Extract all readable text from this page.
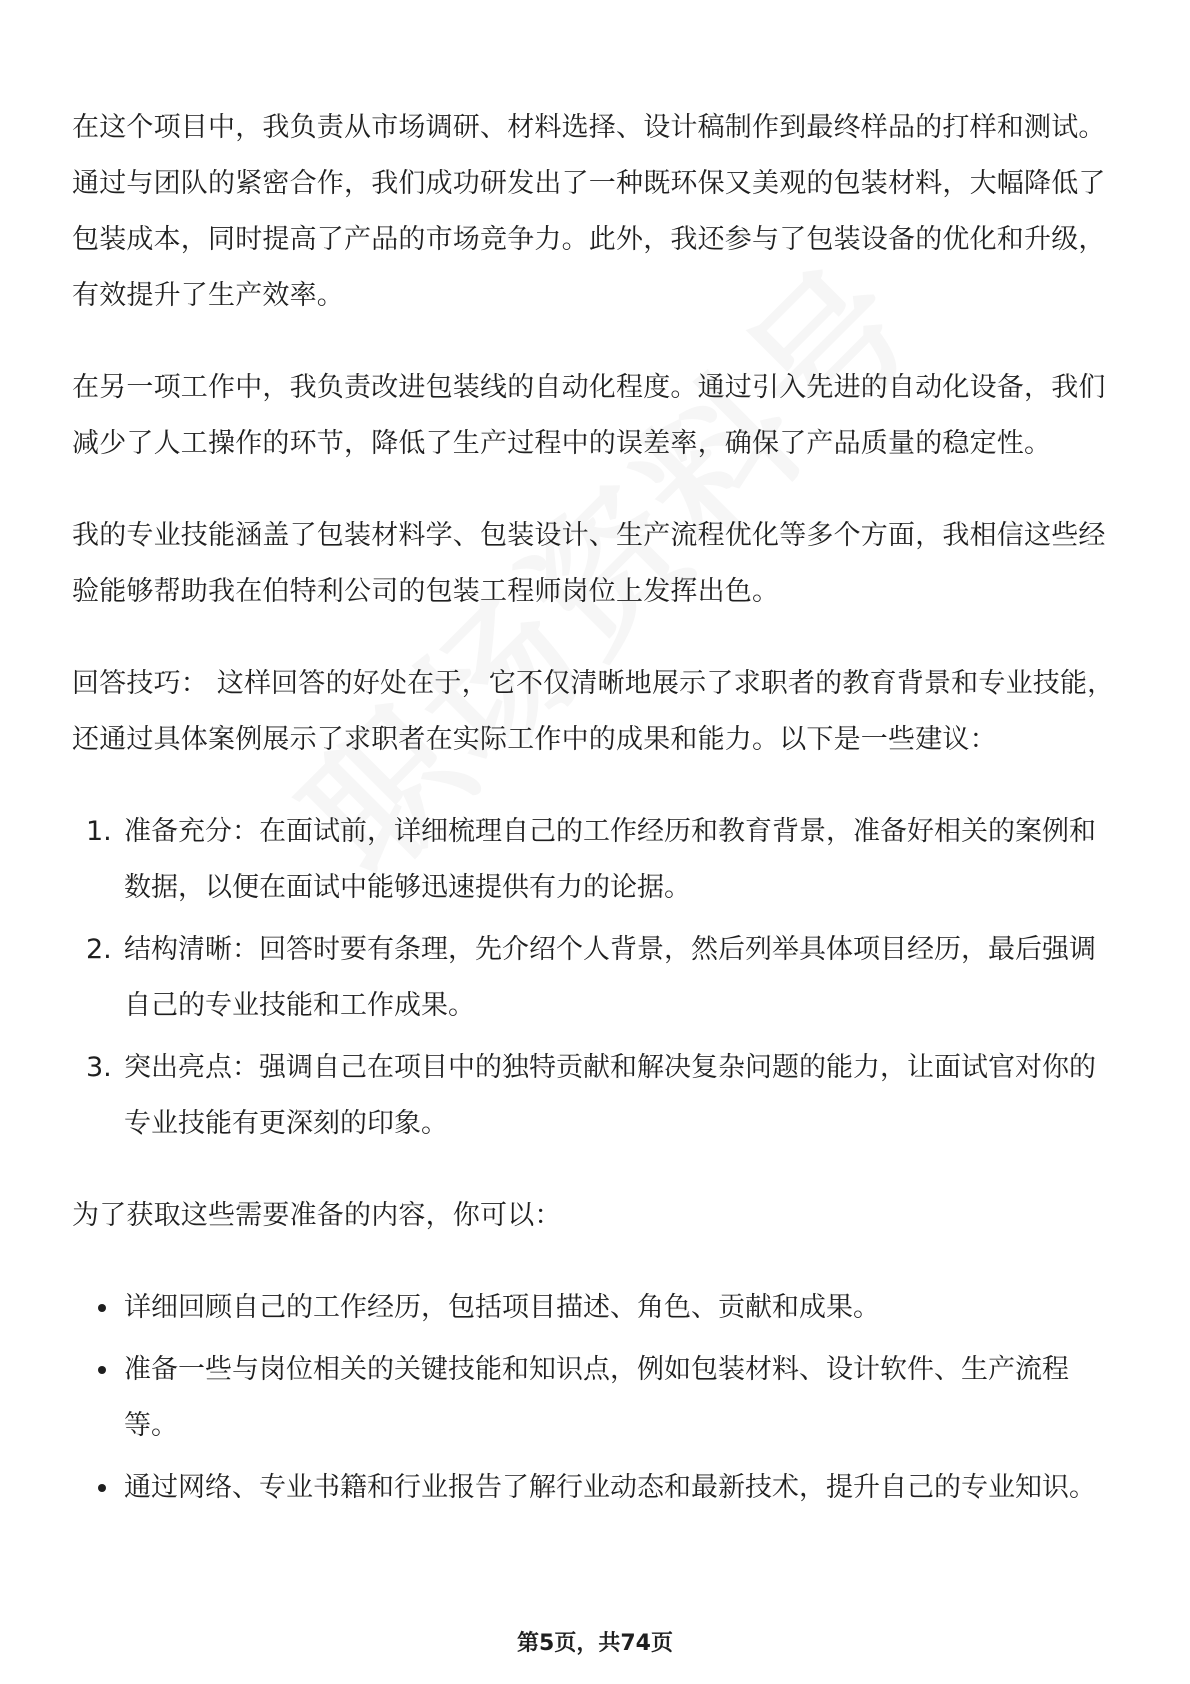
在这个项目中，我负责从市场调研、材料选择、设计稿制作到最终样品的打样和测试。通过与团队的紧密合作，我们成功研发出了一种既环保又美观的包装材料，大幅降低了包装成本，同时提高了产品的市场竞争力。此外，我还参与了包装设备的优化和升级，有效提升了生产效率。

在另一项工作中，我负责改进包装线的自动化程度。通过引入先进的自动化设备，我们减少了人工操作的环节，降低了生产过程中的误差率，确保了产品质量的稳定性。

我的专业技能涵盖了包装材料学、包装设计、生产流程优化等多个方面，我相信这些经验能够帮助我在伯特利公司的包装工程师岗位上发挥出色。

回答技巧： 这样回答的好处在于，它不仅清晰地展示了求职者的教育背景和专业技能，还通过具体案例展示了求职者在实际工作中的成果和能力。以下是一些建议：

1. 准备充分：在面试前，详细梳理自己的工作经历和教育背景，准备好相关的案例和数据，以便在面试中能够迅速提供有力的论据。
2. 结构清晰：回答时要有条理，先介绍个人背景，然后列举具体项目经历，最后强调自己的专业技能和工作成果。
3. 突出亮点：强调自己在项目中的独特贡献和解决复杂问题的能力，让面试官对你的专业技能有更深刻的印象。

为了获取这些需要准备的内容，你可以：

详细回顾自己的工作经历，包括项目描述、角色、贡献和成果。
准备一些与岗位相关的关键技能和知识点，例如包装材料、设计软件、生产流程等。
通过网络、专业书籍和行业报告了解行业动态和最新技术，提升自己的专业知识。
第5页，共74页
